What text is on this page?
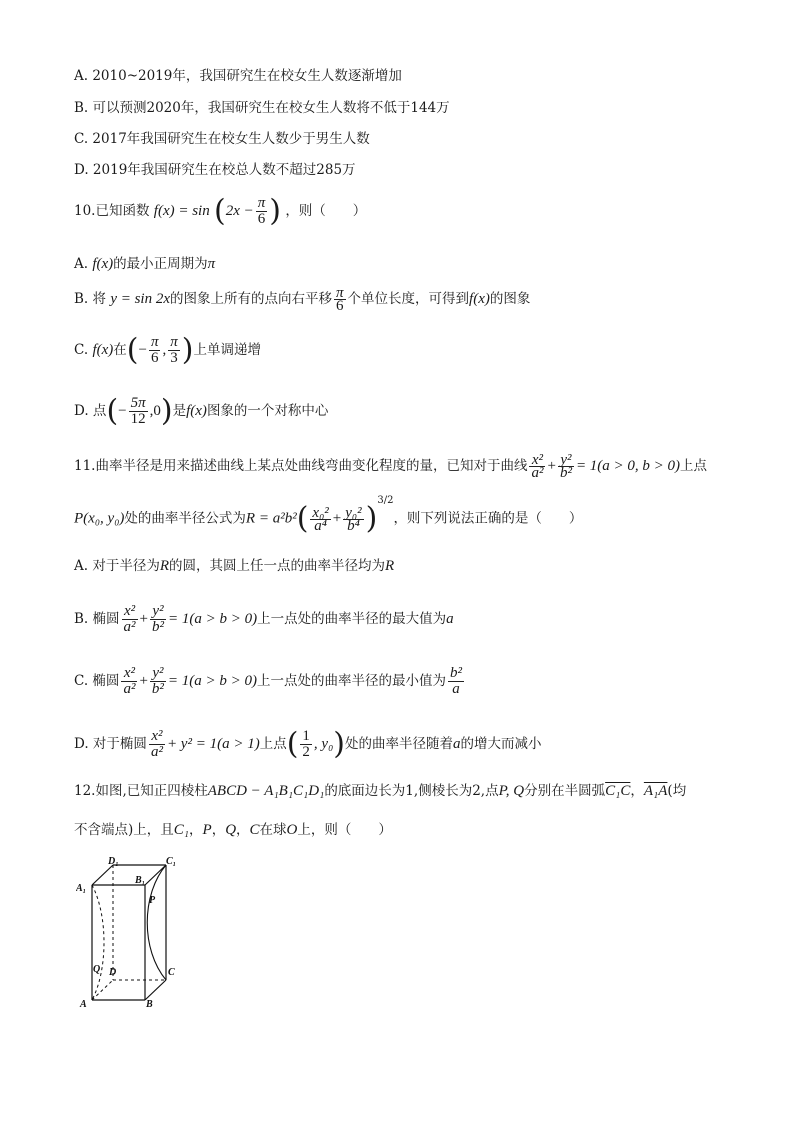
A. 2010~2019年，我国研究生在校女生人数逐渐增加
B. 可以预测2020年，我国研究生在校女生人数将不低于144万
C. 2017年我国研究生在校女生人数少于男生人数
D. 2019年我国研究生在校总人数不超过285万
10.已知函数 $f(x) = \sin (2x - \frac{\pi}{6}$ ) ，则（　　）
A. f(x)的最小正周期为π
B. 将 y = sin 2x的图象上所有的点向右平移 $\frac{\pi}{6}$ 个单位长度，可得到f(x)的图象
C. f(x)在(− $\frac{\pi}{6}$ , $\frac{\pi}{3}$ )上单调递增
D. 点(− $\frac{5\pi}{12} ,0$)是f(x)图象的一个对称中心
11.曲率半径是用来描述曲线上某点处曲线弯曲变化程度的量，已知对于曲线 $\frac{\text{x²}}{\text{a²}} + \frac{\text{y²}}{\text{b²}} = 1(a > 0$, b > 0)上点
P(x₀, y₀)处的曲率半径公式为$R = a^2b^2( \frac{\text{x₀²}}{\text{a⁴}} + \frac{\text{y₀²}}{\text{b⁴}} )^{3/2}$，则下列说法正确的是（　　）
A. 对于半径为R的圆，其圆上任一点的曲率半径均为R
B. 椭圆 $\frac{\text{x²}}{\text{a²}} + \frac{\text{y²}}{\text{b²}} = 1(a > b > 0)$上一点处的曲率半径的最大值为a
C. 椭圆 $\frac{\text{x²}}{\text{a²}} + \frac{\text{y²}}{\text{b²}} = 1(a > b > 0)$上一点处的曲率半径的最小值为 $\frac{\text{b²}}{a}$
D. 对于椭圆 $\frac{\text{x²}}{\text{a²}} + y^2 = 1(a > 1)$上点( $\frac{1}{2}$ , y₀)处的曲率半径随着a的增大而减小
12.如图,已知正四棱柱ABCD − A₁B₁C₁D₁的底面边长为1,侧棱长为2,点P, Q分别在半圆弧C₁C，A₁A(均
不含端点)上，且C₁，P，Q，C在球O上，则（　　）
D₁	C₁
A₁
B₁
P
Q D	C
A	B
